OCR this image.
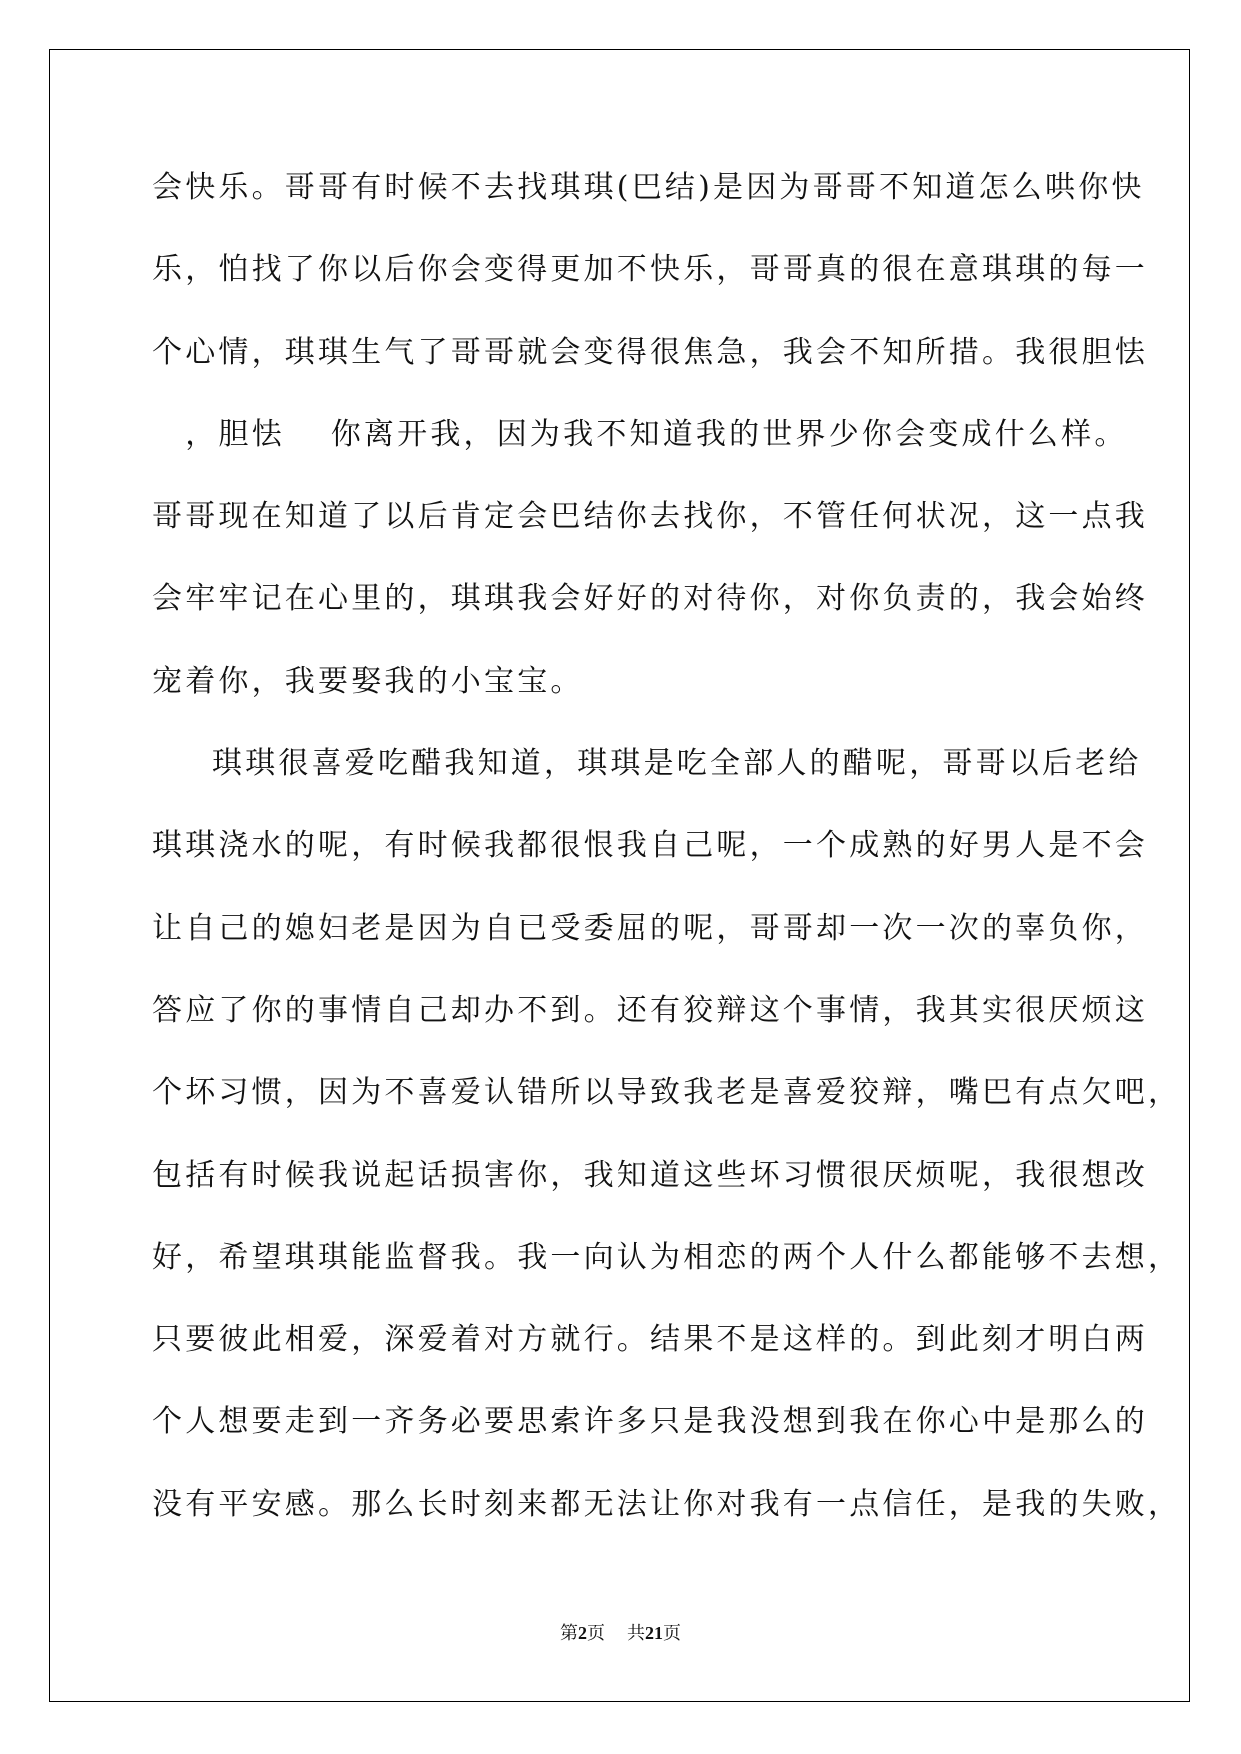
会快乐。哥哥有时候不去找琪琪(巴结)是因为哥哥不知道怎么哄你快
乐，怕找了你以后你会变得更加不快乐，哥哥真的很在意琪琪的每一
个心情，琪琪生气了哥哥就会变得很焦急，我会不知所措。我很胆怯
　，胆怯　 你离开我，因为我不知道我的世界少你会变成什么样。
哥哥现在知道了以后肯定会巴结你去找你，不管任何状况，这一点我
会牢牢记在心里的，琪琪我会好好的对待你，对你负责的，我会始终
宠着你，我要娶我的小宝宝。
琪琪很喜爱吃醋我知道，琪琪是吃全部人的醋呢，哥哥以后老给
琪琪浇水的呢，有时候我都很恨我自己呢，一个成熟的好男人是不会
让自己的媳妇老是因为自已受委屈的呢，哥哥却一次一次的辜负你，
答应了你的事情自己却办不到。还有狡辩这个事情，我其实很厌烦这
个坏习惯，因为不喜爱认错所以导致我老是喜爱狡辩，嘴巴有点欠吧，
包括有时候我说起话损害你，我知道这些坏习惯很厌烦呢，我很想改
好，希望琪琪能监督我。我一向认为相恋的两个人什么都能够不去想，
只要彼此相爱，深爱着对方就行。结果不是这样的。到此刻才明白两
个人想要走到一齐务必要思索许多只是我没想到我在你心中是那么的
没有平安感。那么长时刻来都无法让你对我有一点信任，是我的失败，
第2页 共21页
